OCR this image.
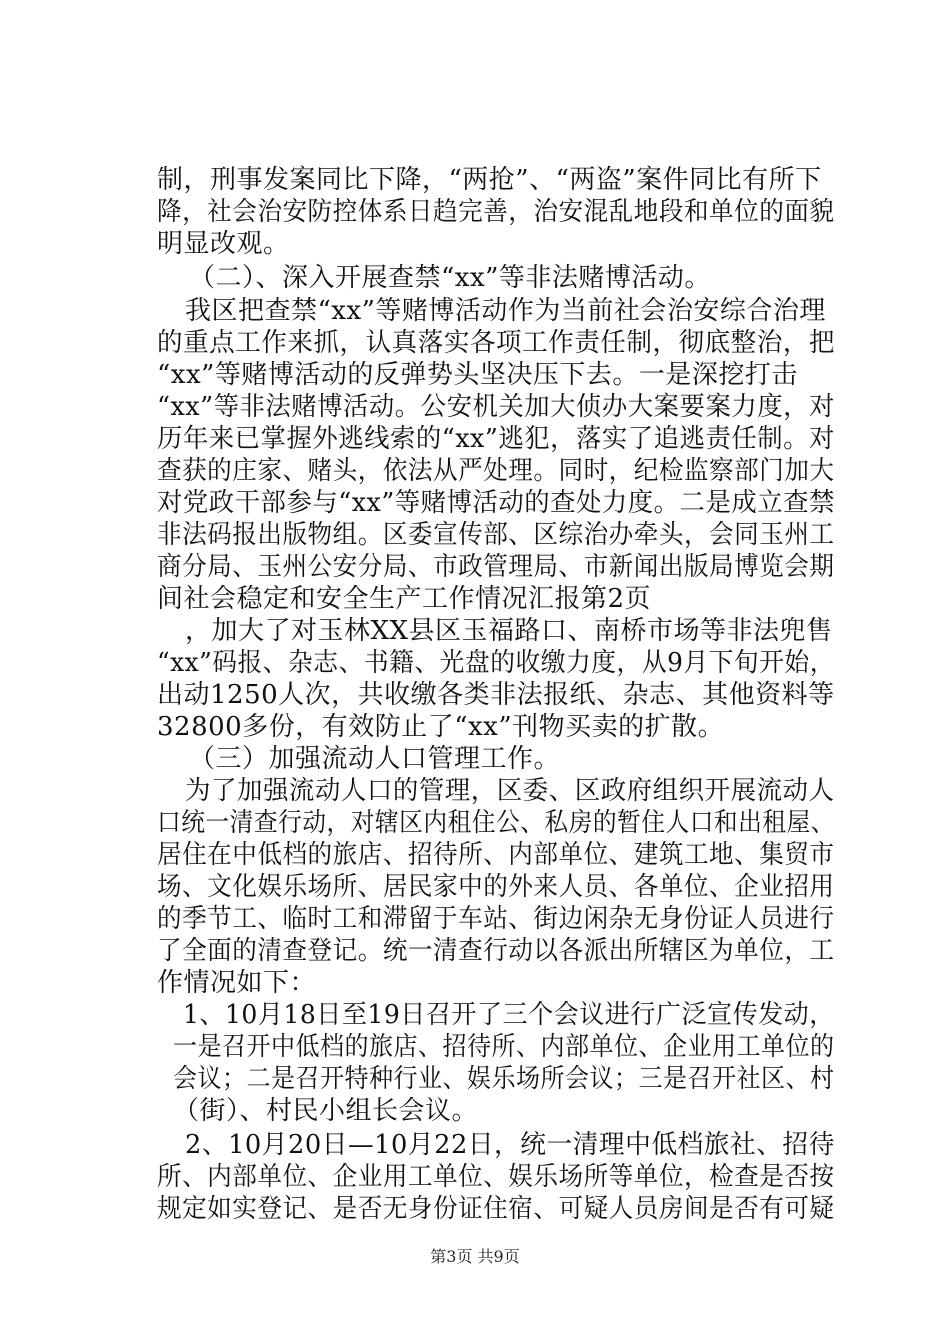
制，刑事发案同比下降，“两抢”、“两盗”案件同比有所下
降，社会治安防控体系日趋完善，治安混乱地段和单位的面貌
明显改观。
（二）、深入开展查禁“xx”等非法赌博活动。
我区把查禁“xx”等赌博活动作为当前社会治安综合治理
的重点工作来抓，认真落实各项工作责任制，彻底整治，把
“xx”等赌博活动的反弹势头坚决压下去。一是深挖打击
“xx”等非法赌博活动。公安机关加大侦办大案要案力度，对
历年来已掌握外逃线索的“xx”逃犯，落实了追逃责任制。对
查获的庄家、赌头，依法从严处理。同时，纪检监察部门加大
对党政干部参与“xx”等赌博活动的查处力度。二是成立查禁
非法码报出版物组。区委宣传部、区综治办牵头，会同玉州工
商分局、玉州公安分局、市政管理局、市新闻出版局博览会期
间社会稳定和安全生产工作情况汇报第2页
，加大了对玉林XX县区玉福路口、南桥市场等非法兜售
“xx”码报、杂志、书籍、光盘的收缴力度，从9月下旬开始，
出动1250人次，共收缴各类非法报纸、杂志、其他资料等
32800多份，有效防止了“xx”刊物买卖的扩散。
（三）加强流动人口管理工作。
为了加强流动人口的管理，区委、区政府组织开展流动人
口统一清查行动，对辖区内租住公、私房的暂住人口和出租屋、
居住在中低档的旅店、招待所、内部单位、建筑工地、集贸市
场、文化娱乐场所、居民家中的外来人员、各单位、企业招用
的季节工、临时工和滞留于车站、街边闲杂无身份证人员进行
了全面的清查登记。统一清查行动以各派出所辖区为单位，工
作情况如下：
1、10月18日至19日召开了三个会议进行广泛宣传发动，
一是召开中低档的旅店、招待所、内部单位、企业用工单位的
会议；二是召开特种行业、娱乐场所会议；三是召开社区、村
（街）、村民小组长会议。
2、10月20日—10月22日，统一清理中低档旅社、招待
所、内部单位、企业用工单位、娱乐场所等单位，检查是否按
规定如实登记、是否无身份证住宿、可疑人员房间是否有可疑
第3页 共9页
